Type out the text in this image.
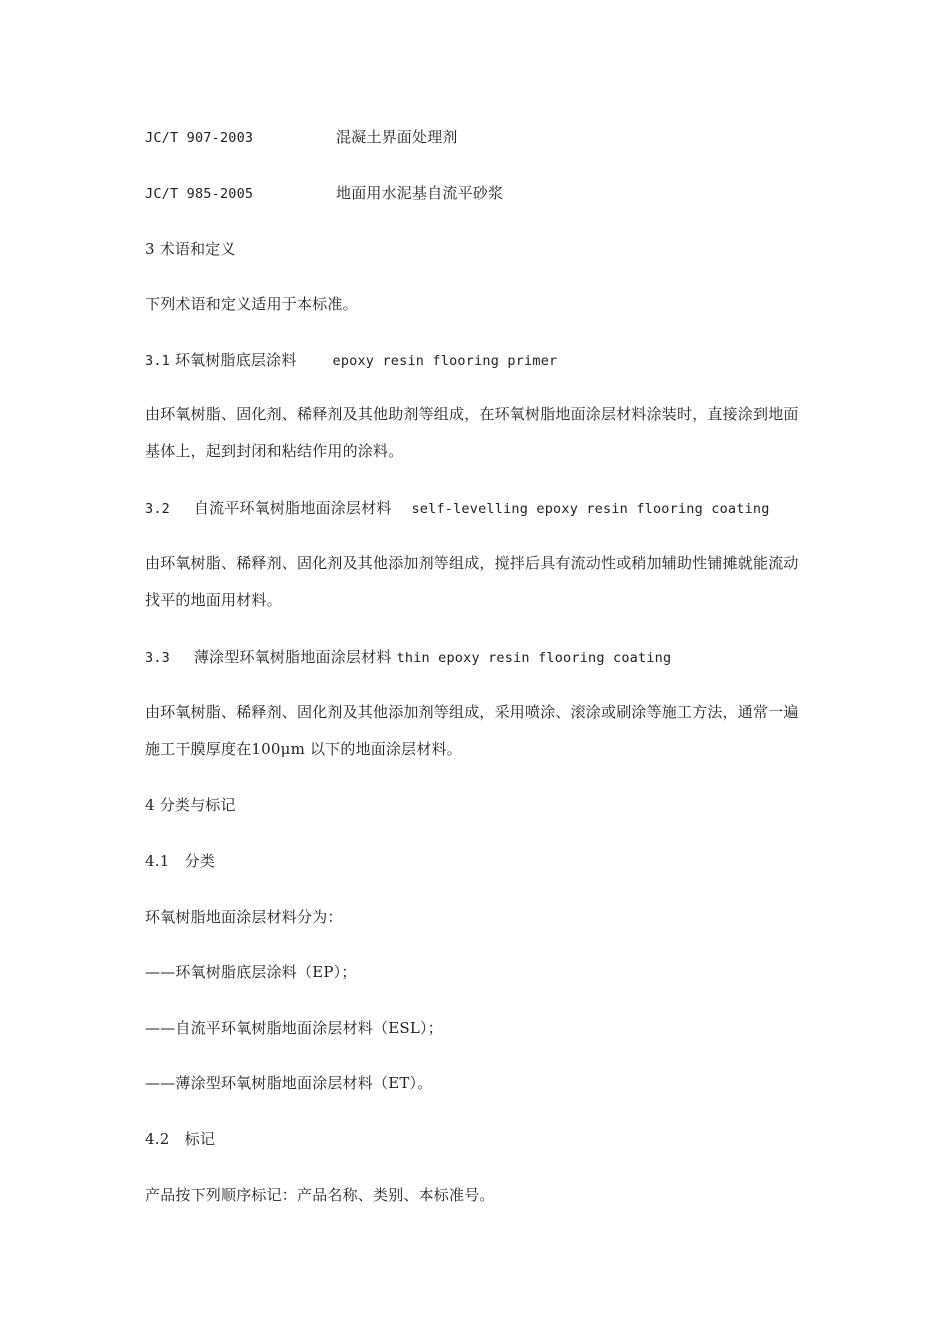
JC/T 907-2003	混凝土界面处理剂
JC/T 985-2005	地面用水泥基自流平砂浆
3 术语和定义
下列术语和定义适用于本标准。
3.1 环氧树脂底层涂料	epoxy resin flooring primer
由环氧树脂、固化剂、稀释剂及其他助剂等组成，在环氧树脂地面涂层材料涂装时，直接涂到地面基体上，起到封闭和粘结作用的涂料。
3.2 自流平环氧树脂地面涂层材料 self-levelling epoxy resin flooring coating
由环氧树脂、稀释剂、固化剂及其他添加剂等组成，搅拌后具有流动性或稍加辅助性铺摊就能流动找平的地面用材料。
3.3 薄涂型环氧树脂地面涂层材料 thin epoxy resin flooring coating
由环氧树脂、稀释剂、固化剂及其他添加剂等组成，采用喷涂、滚涂或刷涂等施工方法，通常一遍施工干膜厚度在100μm 以下的地面涂层材料。
4 分类与标记
4.1　分类
环氧树脂地面涂层材料分为：
——环氧树脂底层涂料（EP）；
——自流平环氧树脂地面涂层材料（ESL）；
——薄涂型环氧树脂地面涂层材料（ET）。
4.2　标记
产品按下列顺序标记：产品名称、类别、本标准号。
